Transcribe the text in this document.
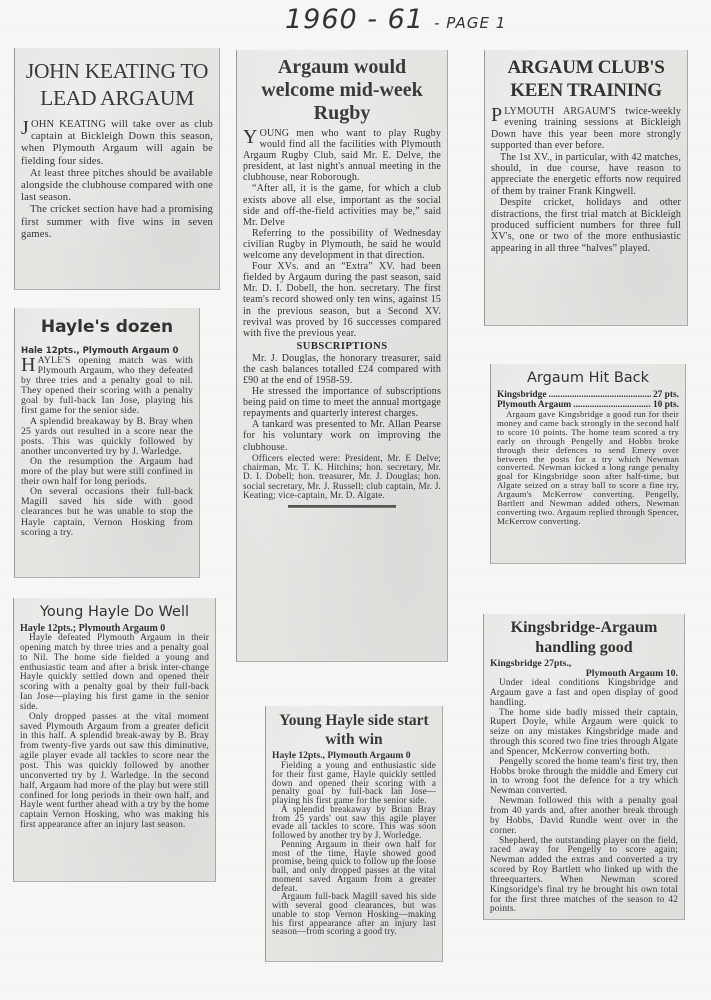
1960 - 61 - PAGE 1
JOHN KEATING TO LEAD ARGAUM

JOHN KEATING will take over as club captain at Bickleigh Down this season, when Plymouth Argaum will again be fielding four sides.

At least three pitches should be available alongside the clubhouse compared with one last season.

The cricket section have had a promising first summer with five wins in seven games.

Hayle's dozen
Hale 12pts., Plymouth Argaum 0

HAYLE'S opening match was with Plymouth Argaum, who they defeated by three tries and a penalty goal to nil. They opened their scoring with a penalty goal by full-back Ian Jose, playing his first game for the senior side.

A splendid breakaway by B. Bray when 25 yards out resulted in a score near the posts. This was quickly followed by another unconverted try by J. Warledge.

On the resumption the Argaum had more of the play but were still confined in their own half for long periods.

On several occasions their full-back Magill saved his side with good clearances but he was unable to stop the Hayle captain, Vernon Hosking from scoring a try.

Young Hayle Do Well
Hayle 12pts.; Plymouth Argaum 0

Hayle defeated Plymouth Argaum in their opening match by three tries and a penalty goal to Nil. The home side fielded a young and enthusiastic team and after a brisk inter-change Hayle quickly settled down and opened their scoring with a penalty goal by their full-back Ian Jose—playing his first game in the senior side.

Only dropped passes at the vital moment saved Plymouth Argaum from a greater deficit in this half. A splendid break-away by B. Bray from twenty-five yards out saw this diminutive, agile player evade all tackles to score near the post. This was quickly followed by another unconverted try by J. Warledge. In the second half, Argaum had more of the play but were still confined for long periods in their own half, and Hayle went further ahead with a try by the home captain Vernon Hosking, who was making his first appearance after an injury last season.

Argaum would welcome mid-week Rugby

YOUNG men who want to play Rugby would find all the facilities with Plymouth Argaum Rugby Club, said Mr. E. Delve, the president, at last night's annual meeting in the clubhouse, near Roborough.

“After all, it is the game, for which a club exists above all else, important as the social side and off-the-field activities may be,” said Mr. Delve

Referring to the possibility of Wednesday civilian Rugby in Plymouth, he said he would welcome any development in that direction.

Four XVs. and an “Extra” XV. had been fielded by Argaum during the past season, said Mr. D. I. Dobell, the hon. secretary. The first team's record showed only ten wins, against 15 in the previous season, but a Second XV. revival was proved by 16 successes compared with five the previous year.

SUBSCRIPTIONS

Mr. J. Douglas, the honorary treasurer, said the cash balances totalled £24 compared with £90 at the end of 1958-59.

He stressed the importance of subscriptions being paid on time to meet the annual mortgage repayments and quarterly interest charges.

A tankard was presented to Mr. Allan Pearse for his voluntary work on improving the clubhouse.

Officers elected were: President, Mr. E Delve; chairman, Mr. T. K. Hitchins; hon. secretary, Mr. D. I. Dobell; hon. treasurer, Mr. J. Douglas; hon. social secretary, Mr. J. Russell; club captain, Mr. J. Keating; vice-captain, Mr. D. Algate.

Young Hayle side start with win
Hayle 12pts., Plymouth Argaum 0

Fielding a young and enthusiastic side for their first game, Hayle quickly settled down and opened their scoring with a penalty goal by full-back Ian Jose—playing his first game for the senior side.

A splendid breakaway by Brian Bray from 25 yards' out saw this agile player evade all tackles to score. This was soon followed by another try by J. Worledge.

Penning Argaum in their own half for most of the time, Hayle showed good promise, being quick to follow up the loose ball, and only dropped passes at the vital moment saved Argaum from a greater defeat.

Argaum full-back Magill saved his side with several good clearances, but was unable to stop Vernon Hosking—making his first appearance after an injury last season—from scoring a good try.

ARGAUM CLUB'S KEEN TRAINING

PLYMOUTH ARGAUM'S twice-weekly evening training sessions at Bickleigh Down have this year been more strongly supported than ever before.

The 1st XV., in particular, with 42 matches, should, in due course, have reason to appreciate the energetic efforts now required of them by trainer Frank Kingwell.

Despite cricket, holidays and other distractions, the first trial match at Bickleigh produced sufficient numbers for three full XV's, one or two of the more enthusiastic appearing in all three “halves” played.

Argaum Hit Back
Kingsbridge .....	27 pts.
Plymouth Argaum .....	10 pts.

Argaum gave Kingsbridge a good run for their money and came back strongly in the second half to score 10 points. The home team scored a try early on through Pengelly and Hobbs broke through their defences to send Emery over between the posts for a try which Newman converted. Newman kicked a long range penalty goal for Kingsbridge soon after half-time, but Algate seized on a stray ball to score a fine try, Argaum's McKerrow converting. Pengelly, Bartlett and Newman added others, Newman converting two. Argaum replied through Spencer, McKerrow converting.

Kingsbridge-Argaum handling good
Kingsbridge 27pts.,
Plymouth Argaum 10.

Under ideal conditions Kingsbridge and Argaum gave a fast and open display of good handling.

The home side badly missed their captain, Rupert Doyle, while Argaum were quick to seize on any mistakes Kingsbridge made and through this scored two fine tries through Algate and Spencer, McKerrow converting both.

Pengelly scored the home team's first try, then Hobbs broke through the middle and Emery cut in to wrong foot the defence for a try which Newman converted.

Newman followed this with a penalty goal from 40 yards and, after another break through by Hobbs, David Rundle went over in the corner.

Shepherd, the outstanding player on the field, raced away for Pengelly to score again; Newman added the extras and converted a try scored by Roy Bartlett who linked up with the threequarters. When Newman scored Kingsoridge's final try he brought his own total for the first three matches of the season to 42 points.
